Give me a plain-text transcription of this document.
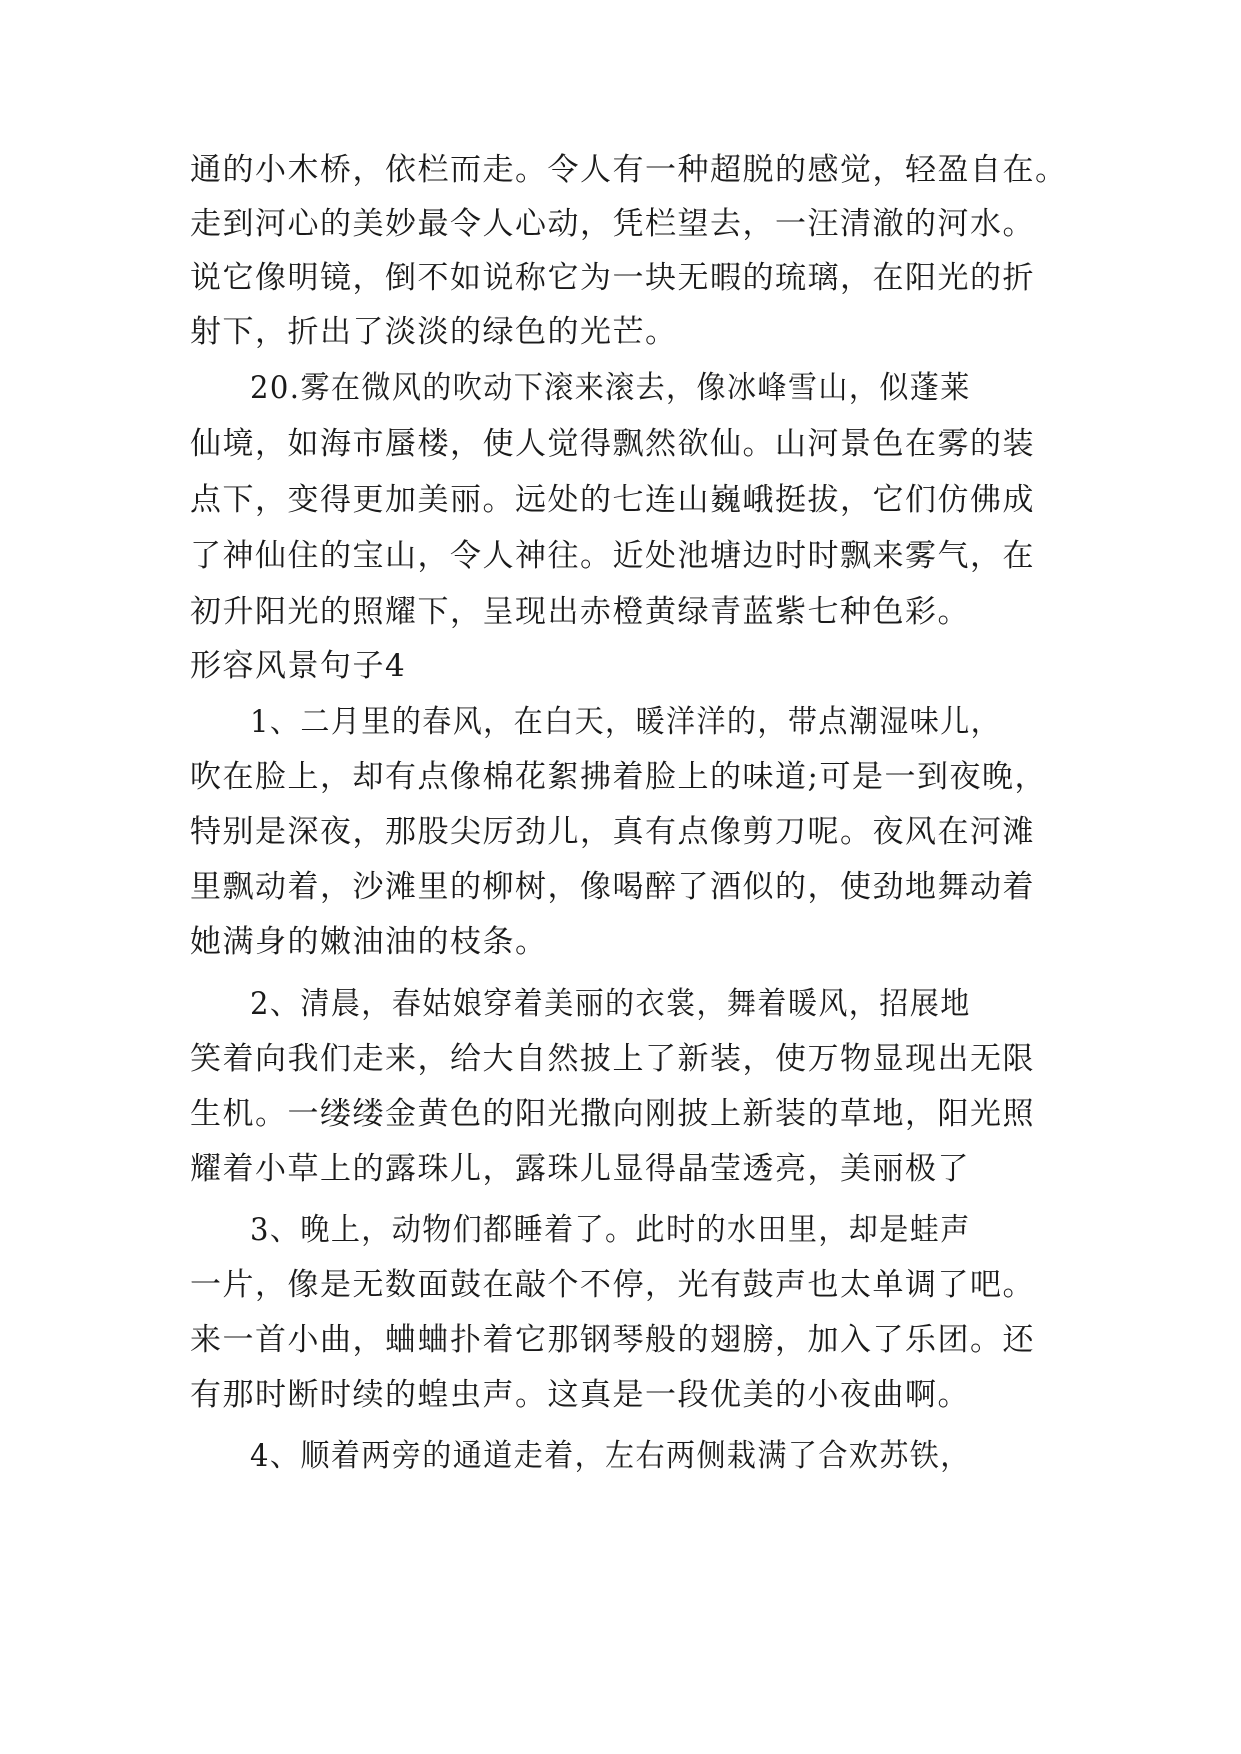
通的小木桥，依栏而走。令人有一种超脱的感觉，轻盈自在。
走到河心的美妙最令人心动，凭栏望去，一汪清澈的河水。
说它像明镜，倒不如说称它为一块无暇的琉璃，在阳光的折
射下，折出了淡淡的绿色的光芒。
20.雾在微风的吹动下滚来滚去，像冰峰雪山，似蓬莱
仙境，如海市蜃楼，使人觉得飘然欲仙。山河景色在雾的装
点下，变得更加美丽。远处的七连山巍峨挺拔，它们仿佛成
了神仙住的宝山，令人神往。近处池塘边时时飘来雾气，在
初升阳光的照耀下，呈现出赤橙黄绿青蓝紫七种色彩。
形容风景句子4
1、二月里的春风，在白天，暖洋洋的，带点潮湿味儿，
吹在脸上，却有点像棉花絮拂着脸上的味道;可是一到夜晚，
特别是深夜，那股尖厉劲儿，真有点像剪刀呢。夜风在河滩
里飘动着，沙滩里的柳树，像喝醉了酒似的，使劲地舞动着
她满身的嫩油油的枝条。
2、清晨，春姑娘穿着美丽的衣裳，舞着暖风，招展地
笑着向我们走来，给大自然披上了新装，使万物显现出无限
生机。一缕缕金黄色的阳光撒向刚披上新装的草地，阳光照
耀着小草上的露珠儿，露珠儿显得晶莹透亮，美丽极了
3、晚上，动物们都睡着了。此时的水田里，却是蛙声
一片，像是无数面鼓在敲个不停，光有鼓声也太单调了吧。
来一首小曲，蛐蛐扑着它那钢琴般的翅膀，加入了乐团。还
有那时断时续的蝗虫声。这真是一段优美的小夜曲啊。
4、顺着两旁的通道走着，左右两侧栽满了合欢苏铁，
